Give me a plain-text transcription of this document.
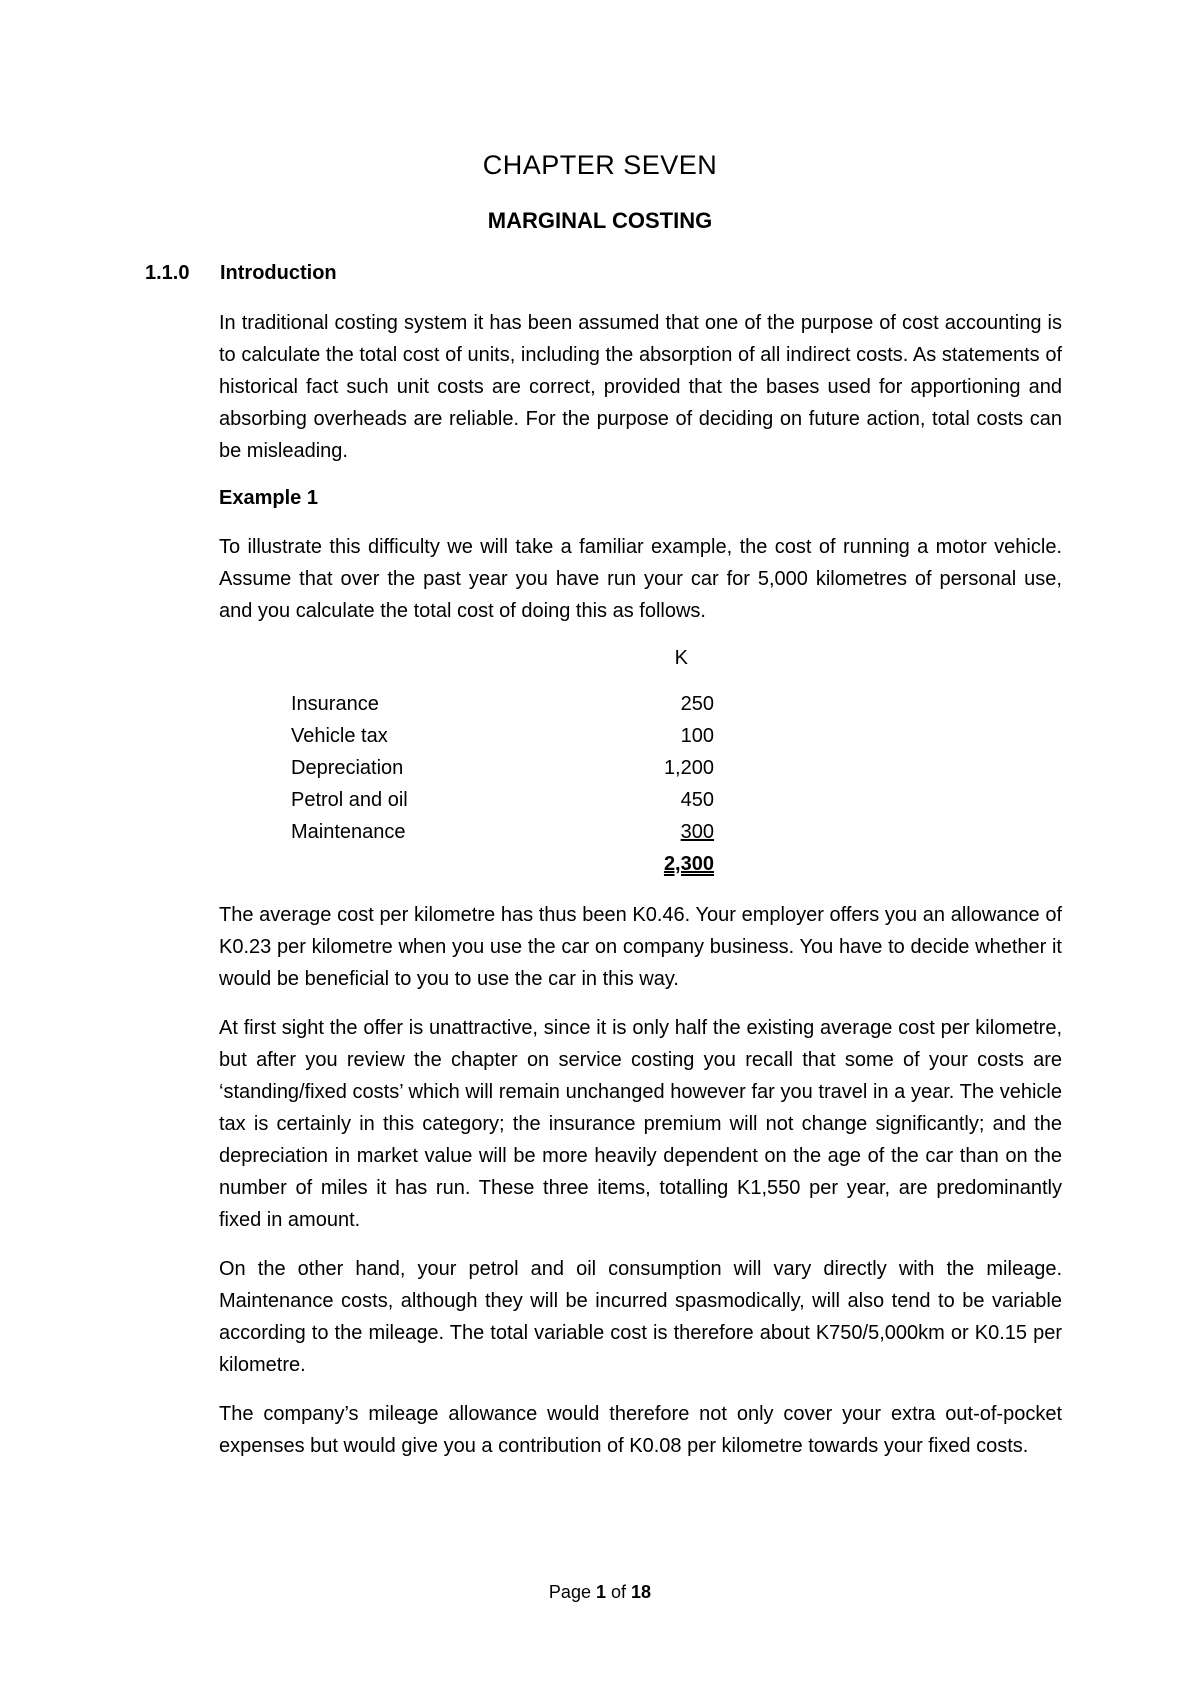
CHAPTER SEVEN
MARGINAL COSTING
1.1.0 Introduction

In traditional costing system it has been assumed that one of the purpose of cost accounting is to calculate the total cost of units, including the absorption of all indirect costs. As statements of historical fact such unit costs are correct, provided that the bases used for apportioning and absorbing overheads are reliable. For the purpose of deciding on future action, total costs can be misleading.

Example 1

To illustrate this difficulty we will take a familiar example, the cost of running a motor vehicle. Assume that over the past year you have run your car for 5,000 kilometres of personal use, and you calculate the total cost of doing this as follows.

K
Insurance	250
Vehicle tax	100
Depreciation	1,200
Petrol and oil	450
Maintenance	300
2,300

The average cost per kilometre has thus been K0.46. Your employer offers you an allowance of K0.23 per kilometre when you use the car on company business. You have to decide whether it would be beneficial to you to use the car in this way.

At first sight the offer is unattractive, since it is only half the existing average cost per kilometre, but after you review the chapter on service costing you recall that some of your costs are ‘standing/fixed costs’ which will remain unchanged however far you travel in a year. The vehicle tax is certainly in this category; the insurance premium will not change significantly; and the depreciation in market value will be more heavily dependent on the age of the car than on the number of miles it has run. These three items, totalling K1,550 per year, are predominantly fixed in amount.

On the other hand, your petrol and oil consumption will vary directly with the mileage. Maintenance costs, although they will be incurred spasmodically, will also tend to be variable according to the mileage. The total variable cost is therefore about K750/5,000km or K0.15 per kilometre.

The company’s mileage allowance would therefore not only cover your extra out-of-pocket expenses but would give you a contribution of K0.08 per kilometre towards your fixed costs.

Page 1 of 18
